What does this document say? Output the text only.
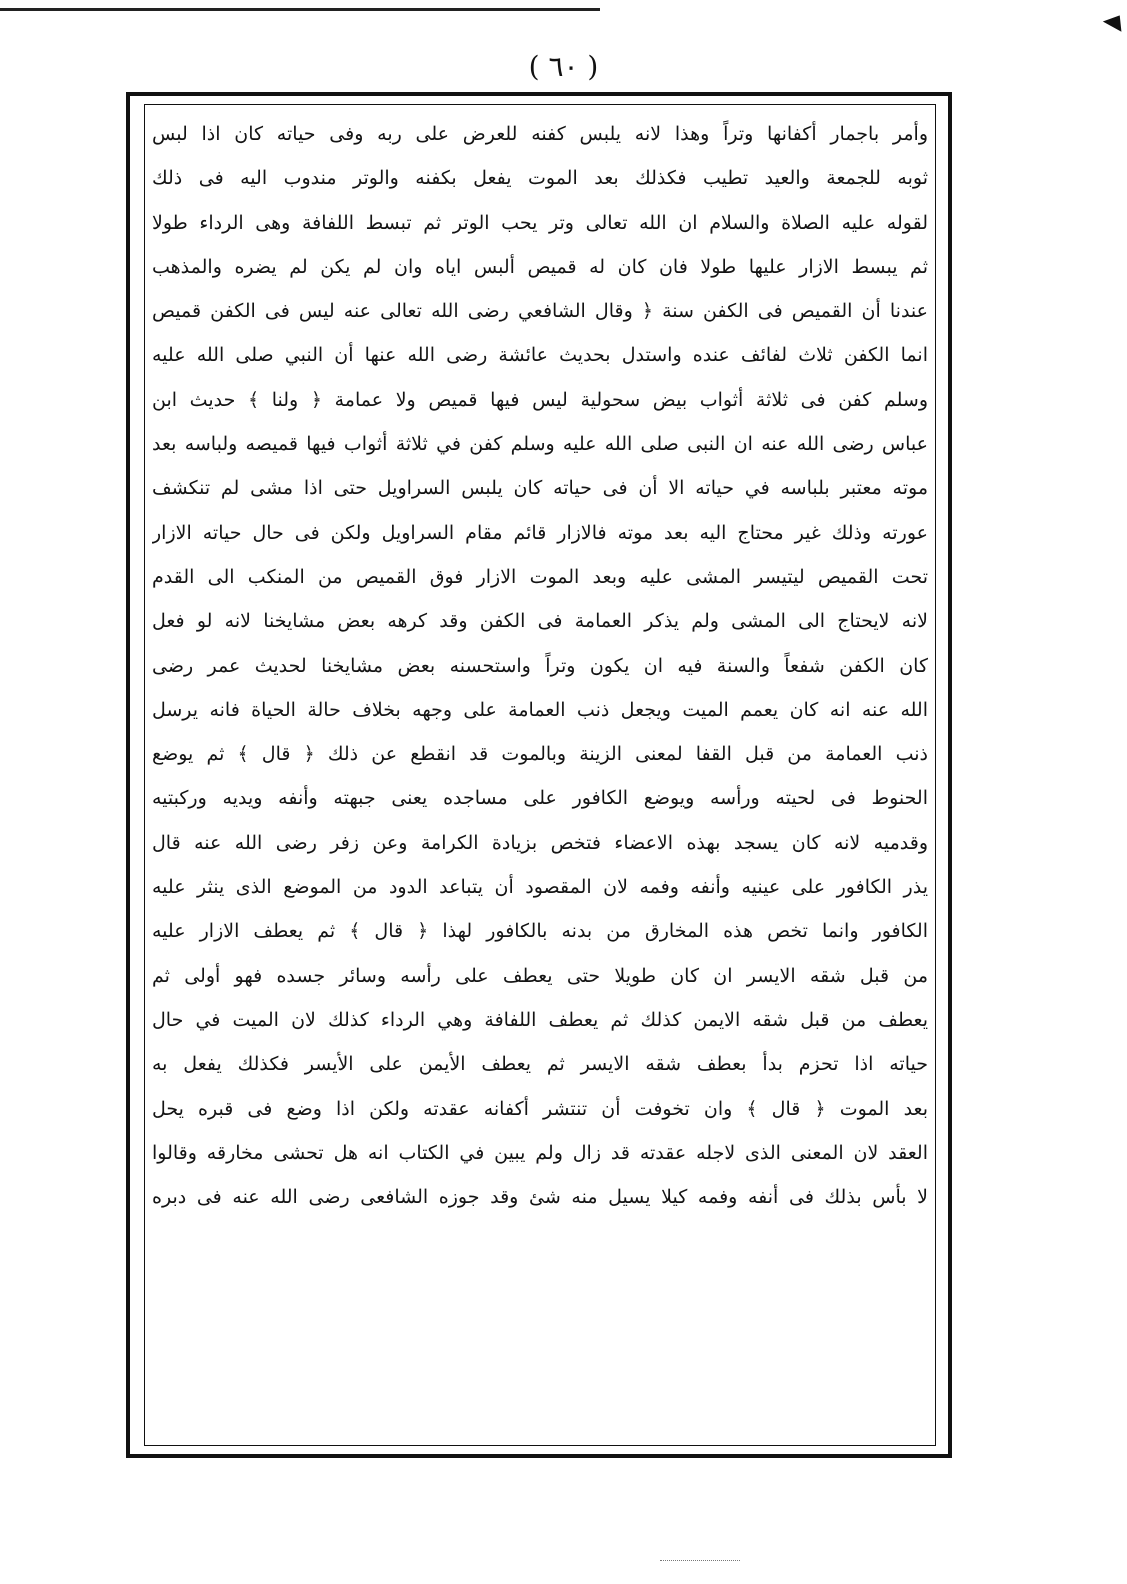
( ٦٠ )
وأمر باجمار أكفانها وتراً وهذا لانه يلبس كفنه للعرض على ربه وفى حياته كان اذا لبس
ثوبه للجمعة والعيد تطيب فكذلك بعد الموت يفعل بكفنه والوتر مندوب اليه فى ذلك
لقوله عليه الصلاة والسلام ان الله تعالى وتر يحب الوتر ثم تبسط اللفافة وهى الرداء طولا
ثم يبسط الازار عليها طولا فان كان له قميص ألبس اياه وان لم يكن لم يضره والمذهب
عندنا أن القميص فى الكفن سنة ﴿ وقال الشافعي رضى الله تعالى عنه ليس فى الكفن قميص
انما الكفن ثلاث لفائف عنده واستدل بحديث عائشة رضى الله عنها أن النبي صلى الله عليه
وسلم كفن فى ثلاثة أثواب بيض سحولية ليس فيها قميص ولا عمامة ﴿ ولنا ﴾ حديث ابن
عباس رضى الله عنه ان النبى صلى الله عليه وسلم كفن في ثلاثة أثواب فيها قميصه ولباسه بعد
موته معتبر بلباسه في حياته الا أن فى حياته كان يلبس السراويل حتى اذا مشى لم تنكشف
عورته وذلك غير محتاج اليه بعد موته فالازار قائم مقام السراويل ولكن فى حال حياته الازار
تحت القميص ليتيسر المشى عليه وبعد الموت الازار فوق القميص من المنكب الى القدم
لانه لايحتاج الى المشى ولم يذكر العمامة فى الكفن وقد كرهه بعض مشايخنا لانه لو فعل
كان الكفن شفعاً والسنة فيه ان يكون وتراً واستحسنه بعض مشايخنا لحديث عمر رضى
الله عنه انه كان يعمم الميت ويجعل ذنب العمامة على وجهه بخلاف حالة الحياة فانه يرسل
ذنب العمامة من قبل القفا لمعنى الزينة وبالموت قد انقطع عن ذلك ﴿ قال ﴾ ثم يوضع
الحنوط فى لحيته ورأسه ويوضع الكافور على مساجده يعنى جبهته وأنفه ويديه وركبتيه
وقدميه لانه كان يسجد بهذه الاعضاء فتخص بزيادة الكرامة وعن زفر رضى الله عنه قال
يذر الكافور على عينيه وأنفه وفمه لان المقصود أن يتباعد الدود من الموضع الذى ينثر عليه
الكافور وانما تخص هذه المخارق من بدنه بالكافور لهذا ﴿ قال ﴾ ثم يعطف الازار عليه
من قبل شقه الايسر ان كان طويلا حتى يعطف على رأسه وسائر جسده فهو أولى ثم
يعطف من قبل شقه الايمن كذلك ثم يعطف اللفافة وهي الرداء كذلك لان الميت في حال
حياته اذا تحزم بدأ بعطف شقه الايسر ثم يعطف الأيمن على الأيسر فكذلك يفعل به
بعد الموت ﴿ قال ﴾ وان تخوفت أن تنتشر أكفانه عقدته ولكن اذا وضع فى قبره يحل
العقد لان المعنى الذى لاجله عقدته قد زال ولم يبين في الكتاب انه هل تحشى مخارقه وقالوا
لا بأس بذلك فى أنفه وفمه كيلا يسيل منه شئ وقد جوزه الشافعى رضى الله عنه فى دبره
